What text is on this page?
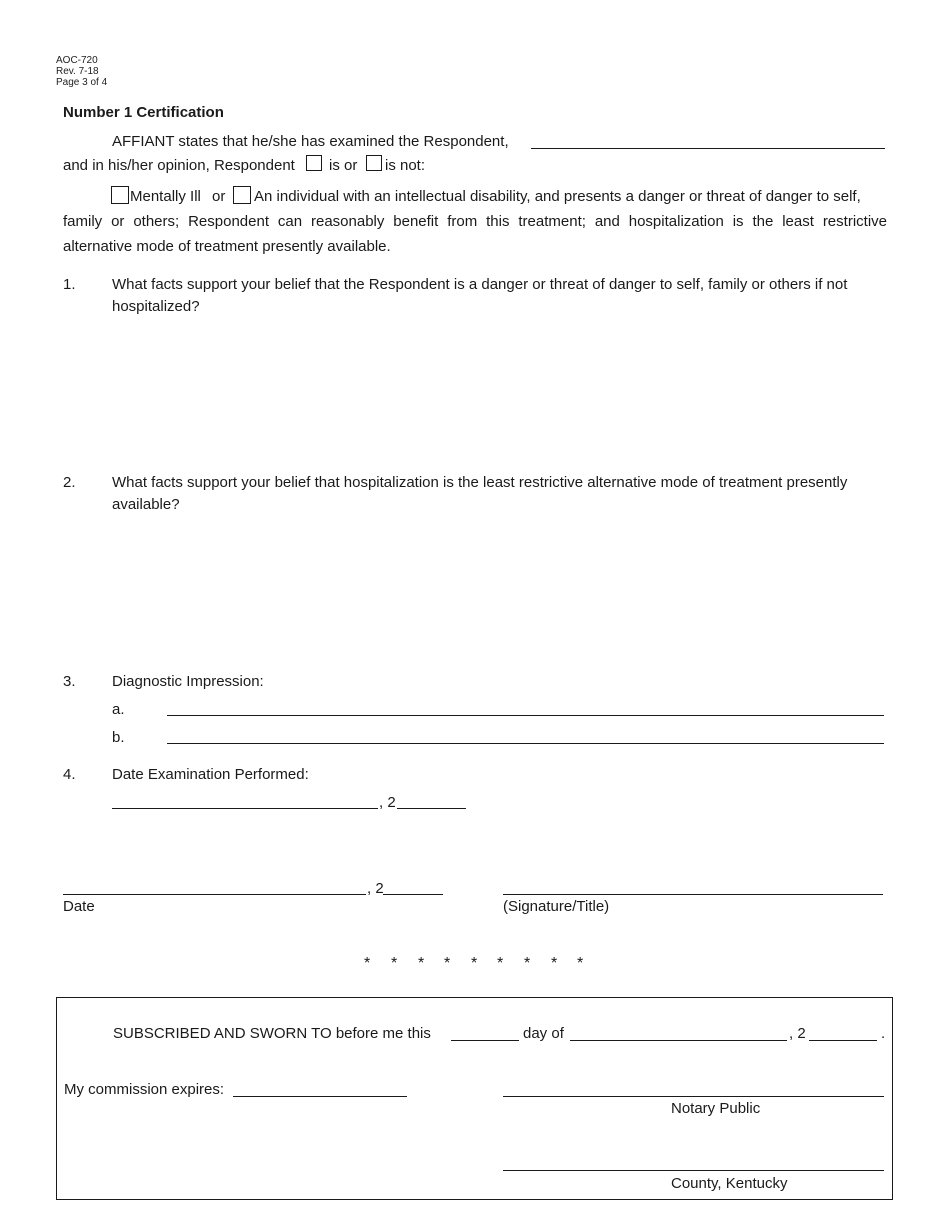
AOC-720
Rev. 7-18
Page 3 of 4
Number 1 Certification
AFFIANT states that he/she has examined the Respondent,
and in his/her opinion, Respondent is or is not:
Mentally Ill or An individual with an intellectual disability, and presents a danger or threat of danger to self,
family or others; Respondent can reasonably benefit from this treatment; and hospitalization is the least restrictive alternative mode of treatment presently available.
1. What facts support your belief that the Respondent is a danger or threat of danger to self, family or others if not
hospitalized?
2. What facts support your belief that hospitalization is the least restrictive alternative mode of treatment presently
available?
3. Diagnostic Impression:
a.
b.
4. Date Examination Performed:
, 2
, 2
Date	(Signature/Title)
* * * * * * * * *
SUBSCRIBED AND SWORN TO before me this	day of	, 2	.
My commission expires:
Notary Public
County, Kentucky
